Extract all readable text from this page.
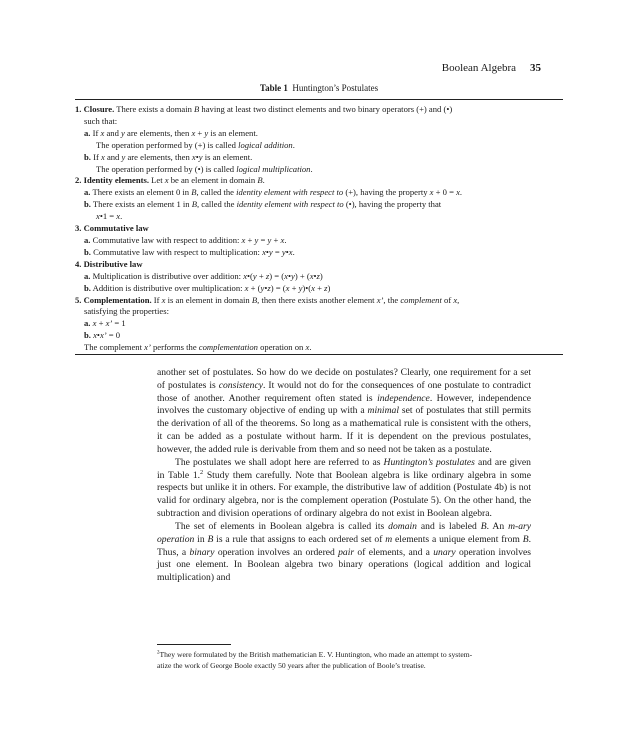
Boolean Algebra 35
Table 1 Huntington’s Postulates
1. Closure. There exists a domain B having at least two distinct elements and two binary operators (+) and (•)
such that:
a. If x and y are elements, then x + y is an element.
The operation performed by (+) is called logical addition.
b. If x and y are elements, then x•y is an element.
The operation performed by (•) is called logical multiplication.
2. Identity elements. Let x be an element in domain B.
a. There exists an element 0 in B, called the identity element with respect to (+), having the property x + 0 = x.
b. There exists an element 1 in B, called the identity element with respect to (•), having the property that
x•1 = x.
3. Commutative law
a. Commutative law with respect to addition: x + y = y + x.
b. Commutative law with respect to multiplication: x•y = y•x.
4. Distributive law
a. Multiplication is distributive over addition: x•(y + z) = (x•y) + (x•z)
b. Addition is distributive over multiplication: x + (y•z) = (x + y)•(x + z)
5. Complementation. If x is an element in domain B, then there exists another element x’, the complement of x,
satisfying the properties:
a. x + x’ = 1
b. x•x’ = 0
The complement x’ performs the complementation operation on x.

another set of postulates. So how do we decide on postulates? Clearly, one requirement for a set of postulates is consistency. It would not do for the consequences of one postulate to contradict those of another. Another requirement often stated is independence. However, independence involves the customary objective of ending up with a minimal set of postulates that still permits the derivation of all of the theorems. So long as a mathematical rule is consistent with the others, it can be added as a postulate without harm. If it is dependent on the previous postulates, however, the added rule is derivable from them and so need not be taken as a postulate.

The postulates we shall adopt here are referred to as Huntington’s postulates and are given in Table 1.$^2$ Study them carefully. Note that Boolean algebra is like ordinary algebra in some respects but unlike it in others. For example, the distributive law of addition (Postulate 4b) is not valid for ordinary algebra, nor is the complement operation (Postulate 5). On the other hand, the subtraction and division operations of ordinary algebra do not exist in Boolean algebra.

The set of elements in Boolean algebra is called its domain and is labeled B. An m-ary operation in B is a rule that assigns to each ordered set of m elements a unique element from B. Thus, a binary operation involves an ordered pair of elements, and a unary operation involves just one element. In Boolean algebra two binary operations (logical addition and logical multiplication) and

$^2$They were formulated by the British mathematician E. V. Huntington, who made an attempt to system-
atize the work of George Boole exactly 50 years after the publication of Boole’s treatise.
